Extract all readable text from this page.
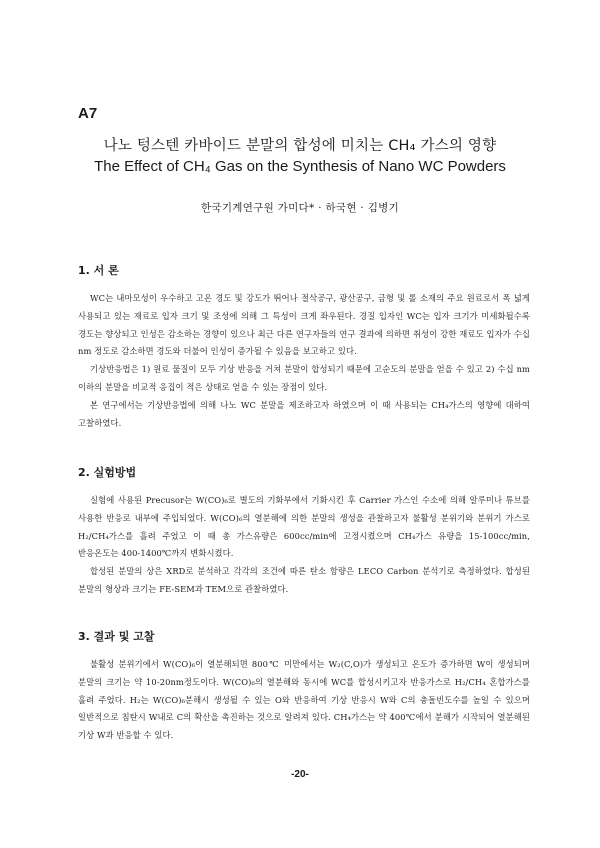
A7
나노 텅스텐 카바이드 분말의 합성에 미치는 CH₄ 가스의 영향
The Effect of CH₄ Gas on the Synthesis of Nano WC Powders
한국기계연구원 가미다* · 하국현 · 김병기
1. 서 론

WC는 내마모성이 우수하고 고온 경도 및 강도가 뛰어나 절삭공구, 광산공구, 금형 및 롤 소재의 주요 원료로서 폭 넓게 사용되고 있는 재료로 입자 크기 및 조성에 의해 그 특성이 크게 좌우된다. 경질 입자인 WC는 입자 크기가 미세화될수록 경도는 향상되고 인성은 감소하는 경향이 있으나 최근 다른 연구자들의 연구 결과에 의하면 취성이 강한 재료도 입자가 수십 nm 정도로 감소하면 경도와 더불어 인성이 증가될 수 있음을 보고하고 있다.

기상반응법은 1) 원료 물질이 모두 기상 반응을 거쳐 분말이 합성되기 때문에 고순도의 분말을 얻을 수 있고 2) 수십 nm 이하의 분말을 비교적 응집이 적은 상태로 얻을 수 있는 장점이 있다.

본 연구에서는 기상반응법에 의해 나노 WC 분말을 제조하고자 하였으며 이 때 사용되는 CH₄가스의 영향에 대하여 고찰하였다.

2. 실험방법

실험에 사용된 Precusor는 W(CO)₆로 별도의 기화부에서 기화시킨 후 Carrier 가스인 수소에 의해 알루미나 튜브를 사용한 반응로 내부에 주입되었다. W(CO)₆의 열분해에 의한 분말의 생성을 관찰하고자 불활성 분위기와 분위기 가스로 H₂/CH₄가스를 흘려 주었고 이 때 총 가스유량은 600cc/min에 고정시켰으며 CH₄가스 유량을 15-100cc/min, 반응온도는 400-1400℃까지 변화시켰다.

합성된 분말의 상은 XRD로 분석하고 각각의 조건에 따른 탄소 함량은 LECO Carbon 분석기로 측정하였다. 합성된 분말의 형상과 크기는 FE-SEM과 TEM으로 관찰하였다.

3. 결과 및 고찰

불활성 분위기에서 W(CO)₆이 열분해되면 800℃ 미만에서는 W₂(C,O)가 생성되고 온도가 증가하면 W이 생성되며 분말의 크기는 약 10-20nm정도이다. W(CO)₆의 열분해와 동시에 WC를 합성시키고자 반응가스로 H₂/CH₄ 혼합가스를 흘려 주었다. H₂는 W(CO)₆분해시 생성될 수 있는 O와 반응하여 기상 반응시 W와 C의 충돌빈도수를 높일 수 있으며 일반적으로 침탄시 W내로 C의 확산을 촉진하는 것으로 알려져 있다. CH₄가스는 약 400℃에서 분해가 시작되어 열분해된 기상 W과 반응할 수 있다.

-20-
